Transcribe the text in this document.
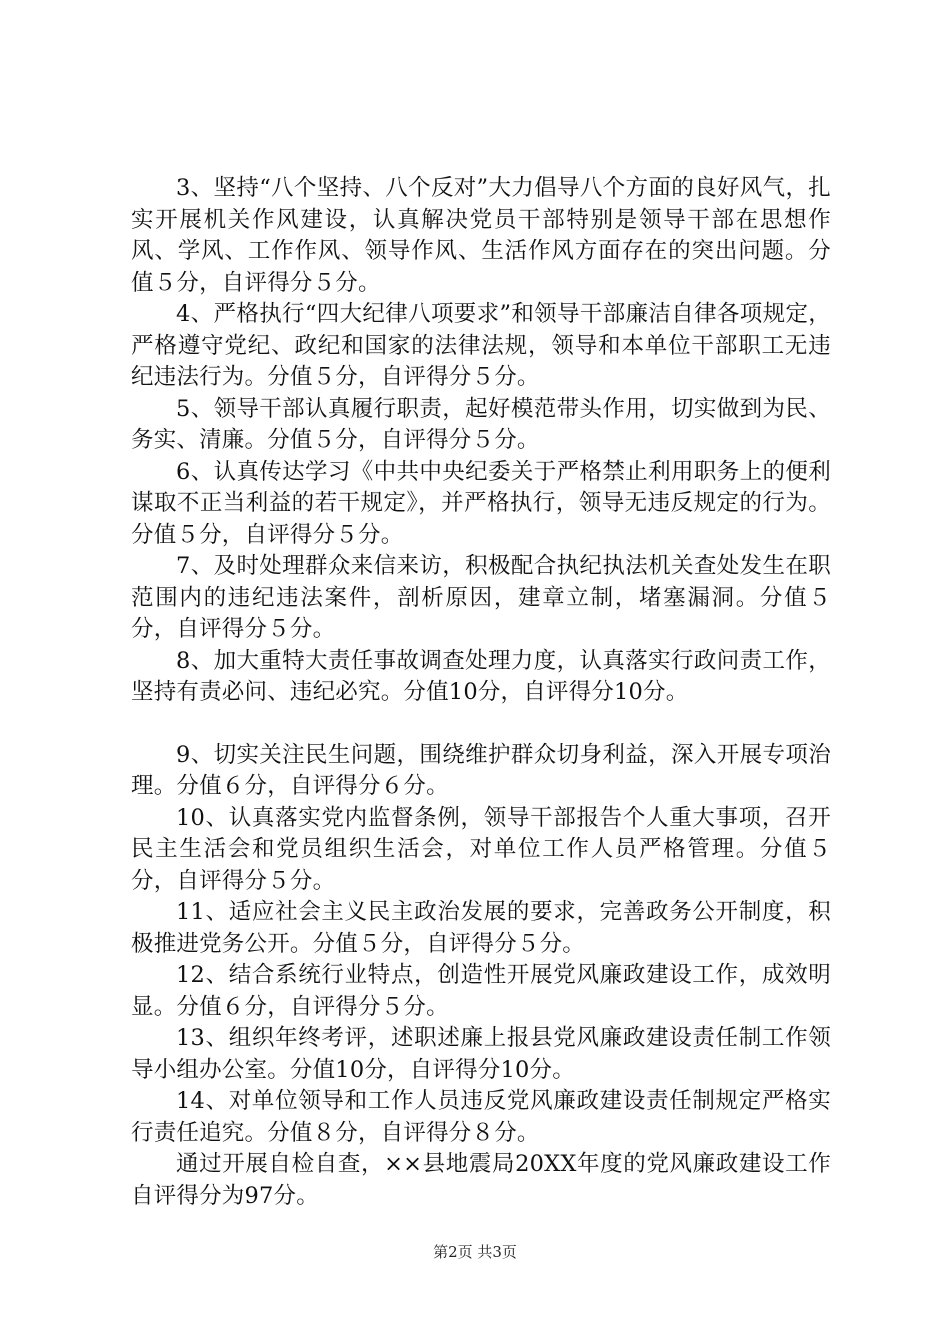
3、坚持“八个坚持、八个反对”大力倡导八个方面的良好风气，扎实开展机关作风建设，认真解决党员干部特别是领导干部在思想作风、学风、工作作风、领导作风、生活作风方面存在的突出问题。分值５分，自评得分５分。

4、严格执行“四大纪律八项要求”和领导干部廉洁自律各项规定，严格遵守党纪、政纪和国家的法律法规，领导和本单位干部职工无违纪违法行为。分值５分，自评得分５分。

5、领导干部认真履行职责，起好模范带头作用，切实做到为民、务实、清廉。分值５分，自评得分５分。

6、认真传达学习《中共中央纪委关于严格禁止利用职务上的便利谋取不正当利益的若干规定》，并严格执行，领导无违反规定的行为。分值５分，自评得分５分。

7、及时处理群众来信来访，积极配合执纪执法机关查处发生在职范围内的违纪违法案件，剖析原因，建章立制，堵塞漏洞。分值５分，自评得分５分。

8、加大重特大责任事故调查处理力度，认真落实行政问责工作，坚持有责必问、违纪必究。分值10分，自评得分10分。

9、切实关注民生问题，围绕维护群众切身利益，深入开展专项治理。分值６分，自评得分６分。

10、认真落实党内监督条例，领导干部报告个人重大事项，召开民主生活会和党员组织生活会，对单位工作人员严格管理。分值５分，自评得分５分。

11、适应社会主义民主政治发展的要求，完善政务公开制度，积极推进党务公开。分值５分，自评得分５分。

12、结合系统行业特点，创造性开展党风廉政建设工作，成效明显。分值６分，自评得分５分。

13、组织年终考评，述职述廉上报县党风廉政建设责任制工作领导小组办公室。分值10分，自评得分10分。

14、对单位领导和工作人员违反党风廉政建设责任制规定严格实行责任追究。分值８分，自评得分８分。

通过开展自检自查，××县地震局20XX年度的党风廉政建设工作自评得分为97分。

第2页 共3页
